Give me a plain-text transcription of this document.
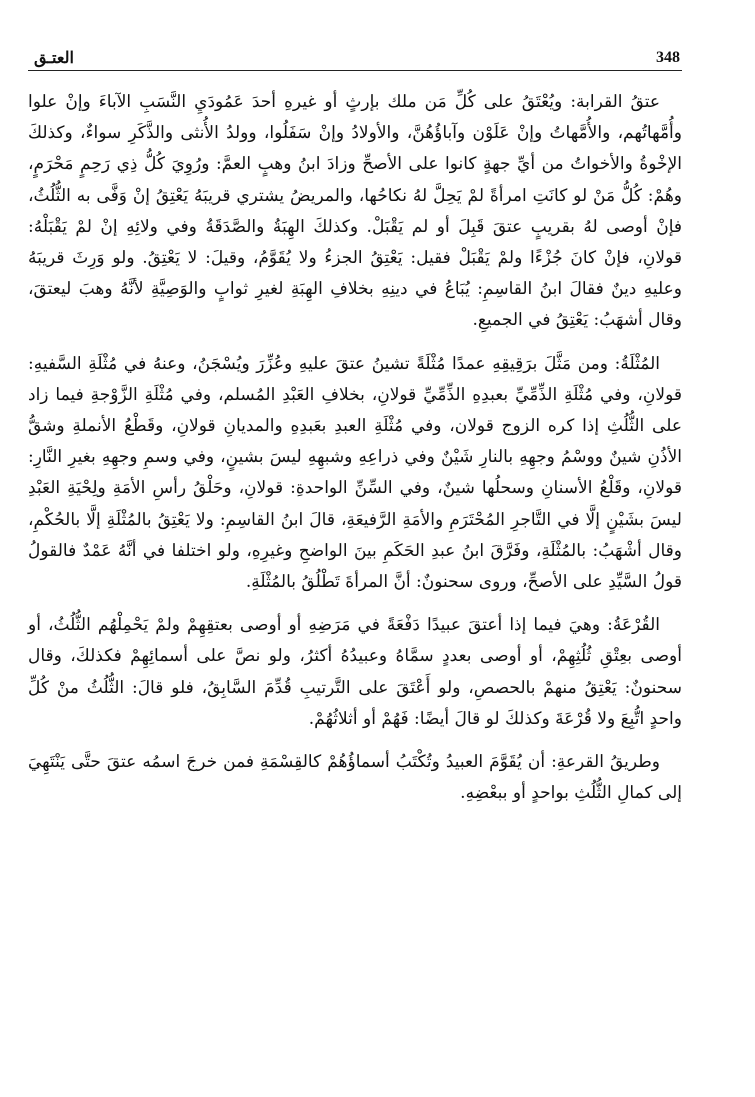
العتـق	348

عتقُ القرابة: ويُعْتَقُ على كُلِّ مَن ملك بإرثٍ أو غيرهِ أحدَ عَمُودَيِ النَّسَبِ الآباءَ وإنْ علوا وأُمَّهاتُهم، والأُمَّهاتُ وإنْ عَلَوْن وآباؤُهُنَّ، والأولادُ وإنْ سَفَلُوا، وولدُ الأُنثى والذَّكَرِ سواءٌ، وكذلكَ الإخْوةُ والأخواتُ من أيِّ جهةٍ كانوا على الأصحِّ وزادَ ابنُ وهبٍ العمَّ: ورُوِيَ كُلُّ ذِي رَحِمٍ مَحْرَمٍ، وهُمْ: كُلُّ مَنْ لو كانَتِ امرأةً لمْ يَحِلَّ لهُ نكاحُها، والمريضُ يشتري قريبَهُ يَعْتِقُ إنْ وَفَّى به الثُّلُثُ، فإنْ أوصى لهُ بقريبٍ عتقَ قَبِلَ أو لم يَقْبَلْ. وكذلكَ الهِبَةُ والصَّدَقَةُ وفي ولائِهِ إنْ لمْ يَقْبَلْهُ: قولانِ، فإنْ كانَ جُزْءًا ولمْ يَقْبَلْ فقيل: يَعْتِقُ الجزءُ ولا يُقَوَّمُ، وقيلَ: لا يَعْتِقُ. ولو وَرِثَ قريبَهُ وعليهِ دينٌ فقالَ ابنُ القاسِمِ: يُبَاعُ في دينِهِ بخلافِ الهِبَةِ لغيرِ ثوابٍ والوَصِيَّةِ لأنَّهُ وهبَ ليعتقَ، وقال أشهَبُ: يَعْتِقُ في الجميعِ.

المُثْلَةُ: ومن مَثَّلَ برَقِيقِهِ عمدًا مُثْلَةً تشينُ عتقَ عليهِ وعُزِّرَ ويُسْجَنُ، وعنهُ في مُثْلَةِ السَّفيهِ: قولانِ، وفي مُثْلَةِ الذِّمِّيِّ بعبدِهِ الذِّمِّيِّ قولانِ، بخلافِ العَبْدِ المُسلم، وفي مُثْلَةِ الزَّوْجةِ فيما زاد على الثُّلُثِ إذا كره الزوج قولان، وفي مُثْلَةِ العبدِ بعَبدِهِ والمديانِ قولانِ، وقَطْعُ الأنملةِ وشقُّ الأذُنِ شينٌ ووسْمُ وجهِهِ بالنارِ شَيْنٌ وفي ذراعِهِ وشبهِهِ ليسَ بشينٍ، وفي وسمِ وجهِهِ بغيرِ النَّارِ: قولانِ، وقَلْعُ الأسنانِ وسحلُها شينٌ، وفي السِّنِّ الواحدةِ: قولانِ، وحَلْقُ رأسِ الأمَةِ ولِحْيَةِ العَبْدِ ليسَ بشَيْنٍ إلَّا في التَّاجرِ المُحْتَرَمِ والأمَةِ الرَّفيعَةِ، قالَ ابنُ القاسِمِ: ولا يَعْتِقُ بالمُثْلَةِ إلَّا بالحُكْمِ، وقال أشْهَبُ: بالمُثْلَةِ، وفَرَّقَ ابنُ عبدِ الحَكَمِ بينَ الواضحِ وغيرِهِ، ولو اختلفا في أنَّهُ عَمْدٌ فالقولُ قولُ السَّيِّدِ على الأصحِّ، وروى سحنونٌ: أنَّ المرأةَ تَطْلُقُ بالمُثْلَةِ.

القُرْعَةُ: وهيَ فيما إذا أعتقَ عبيدًا دَفْعَةً في مَرَضِهِ أو أوصى بعتقِهِمْ ولمْ يَحْمِلْهُم الثُّلُثُ، أو أوصى بعِتْقِ ثُلُثِهِمْ، أو أوصى بعددٍ سمَّاهُ وعبيدُهُ أكثرُ، ولو نصَّ على أسمائِهِمْ فكذلكَ، وقال سحنونٌ: يَعْتِقُ منهمْ بالحصصِ، ولو أَعْتَقَ على التَّرتيبِ قُدِّمَ السَّابِقُ، فلو قالَ: الثُّلُثُ منْ كُلِّ واحدٍ اتُّبِعَ ولا قُرْعَةَ وكذلكَ لو قالَ أيضًا: فَهُمْ أو أثلاثُهُمْ.

وطريقُ القرعةِ: أن يُقَوَّمَ العبيدُ وتُكْتَبُ أسماؤُهُمْ كالقِسْمَةِ فمن خرجَ اسمُه عتقَ حتَّى يَنْتَهِيَ إلى كمالِ الثُّلُثِ بواحدٍ أو ببعْضِهِ.
